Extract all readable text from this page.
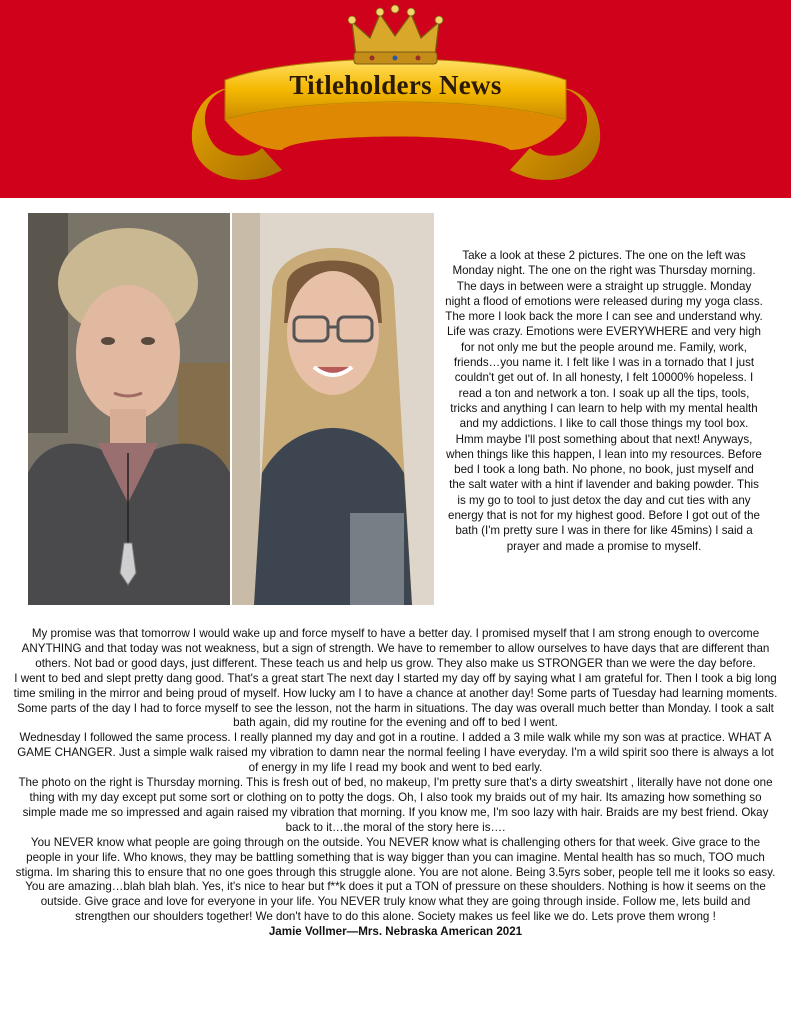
Titleholders News
Take a look at these 2 pictures. The one on the left was Monday night. The one on the right was Thursday morning. The days in between were a straight up struggle. Monday night a flood of emotions were released during my yoga class. The more I look back the more I can see and understand why. Life was crazy. Emotions were EVERYWHERE and very high for not only me but the people around me. Family, work, friends…you name it. I felt like I was in a tornado that I just couldn't get out of. In all honesty, I felt 10000% hopeless. I read a ton and network a ton. I soak up all the tips, tools, tricks and anything I can learn to help with my mental health and my addictions. I like to call those things my tool box. Hmm maybe I'll post something about that next! Anyways, when things like this happen, I lean into my resources. Before bed I took a long bath. No phone, no book, just myself and the salt water with a hint if lavender and baking powder. This is my go to tool to just detox the day and cut ties with any energy that is not for my highest good. Before I got out of the bath (I'm pretty sure I was in there for like 45mins) I said a prayer and made a promise to myself.

My promise was that tomorrow I would wake up and force myself to have a better day. I promised myself that I am strong enough to overcome ANYTHING and that today was not weakness, but a sign of strength. We have to remember to allow ourselves to have days that are different than others. Not bad or good days, just different. These teach us and help us grow. They also make us STRONGER than we were the day before.

I went to bed and slept pretty dang good. That's a great start The next day I started my day off by saying what I am grateful for. Then I took a big long time smiling in the mirror and being proud of myself. How lucky am I to have a chance at another day! Some parts of Tuesday had learning moments. Some parts of the day I had to force myself to see the lesson, not the harm in situations. The day was overall much better than Monday. I took a salt bath again, did my routine for the evening and off to bed I went.

Wednesday I followed the same process. I really planned my day and got in a routine. I added a 3 mile walk while my son was at practice. WHAT A GAME CHANGER. Just a simple walk raised my vibration to damn near the normal feeling I have everyday. I'm a wild spirit soo there is always a lot of energy in my life I read my book and went to bed early.

The photo on the right is Thursday morning. This is fresh out of bed, no makeup, I'm pretty sure that's a dirty sweatshirt , literally have not done one thing with my day except put some sort or clothing on to potty the dogs. Oh, I also took my braids out of my hair. Its amazing how something so simple made me so impressed and again raised my vibration that morning. If you know me, I'm soo lazy with hair. Braids are my best friend. Okay back to it…the moral of the story here is….

You NEVER know what people are going through on the outside. You NEVER know what is challenging others for that week. Give grace to the people in your life. Who knows, they may be battling something that is way bigger than you can imagine. Mental health has so much, TOO much stigma. Im sharing this to ensure that no one goes through this struggle alone. You are not alone. Being 3.5yrs sober, people tell me it looks so easy. You are amazing…blah blah blah. Yes, it's nice to hear but f**k does it put a TON of pressure on these shoulders. Nothing is how it seems on the outside. Give grace and love for everyone in your life. You NEVER truly know what they are going through inside. Follow me, lets build and strengthen our shoulders together! We don't have to do this alone. Society makes us feel like we do. Lets prove them wrong !

Jamie Vollmer—Mrs. Nebraska American 2021
